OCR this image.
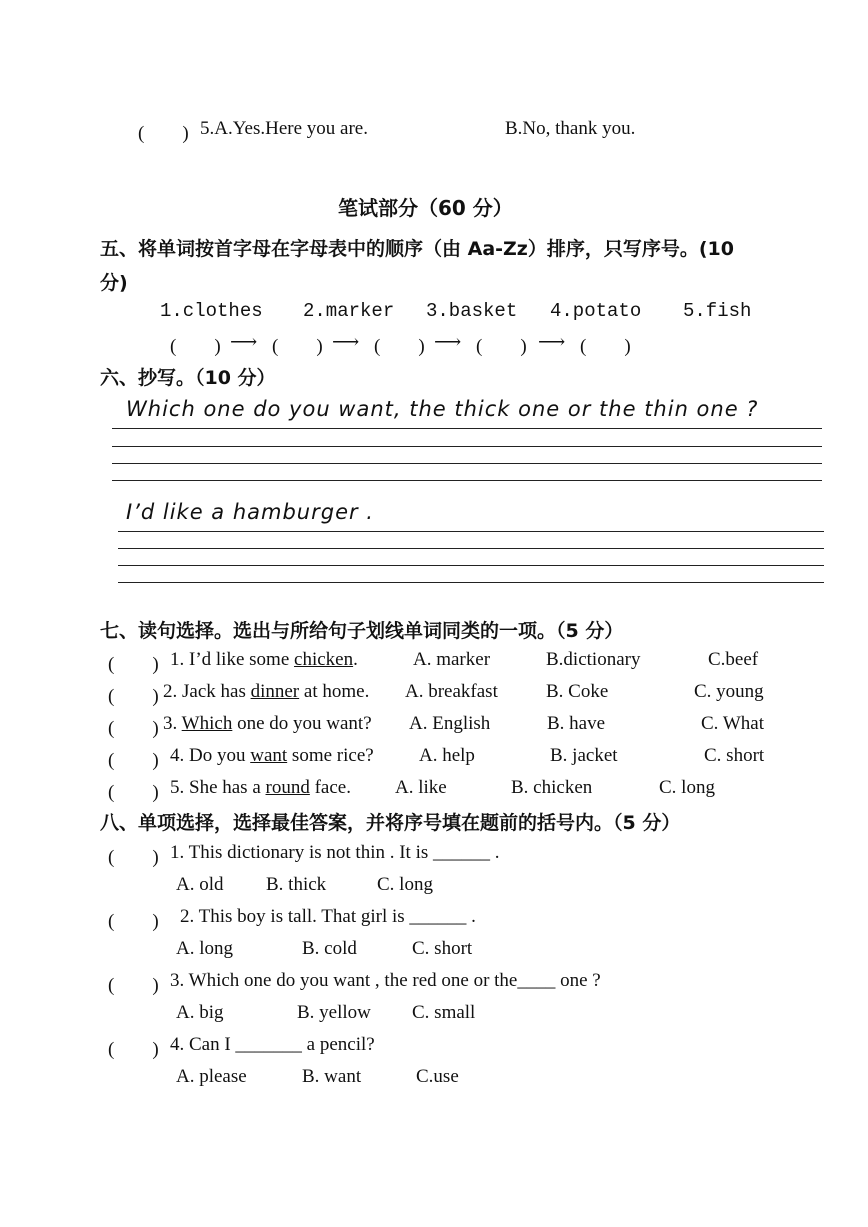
(　　) 5.A.Yes.Here you are.	B.No, thank you.
笔试部分（60 分）
五、将单词按首字母在字母表中的顺序（由 Aa-Zz）排序，只写序号。(10
分)
1.clothes 2.marker 3.basket 4.potato 5.fish
(　　) ⟶ (　　) ⟶ (　　) ⟶ (　　) ⟶ (　　)
六、抄写。（10 分）
Which one do you want, the thick one or the thin one ?
I’d like a hamburger .
七、读句选择。选出与所给句子划线单词同类的一项。（5 分）
(　　) 1. I’d like some chicken.	A. marker	B.dictionary	C.beef
(　　) 2. Jack has dinner at home. A. breakfast	B. Coke	C. young
(　　) 3. Which one do you want? A. English	B. have	C. What
(　　) 4. Do you want some rice? A. help	B. jacket	C. short
(　　) 5. She has a round face. A. like	B. chicken	C. long
八、单项选择，选择最佳答案，并将序号填在题前的括号内。（5 分）
(　　) 1. This dictionary is not thin . It is ______ .
A. old B. thick	C. long
(　　) 2. This boy is tall. That girl is ______ .
A. long	B. cold	C. short
(　　) 3. Which one do you want , the red one or the____ one ?
A. big	B. yellow C. small
(　　) 4. Can I _______ a pencil?
A. please	B. want	C.use
